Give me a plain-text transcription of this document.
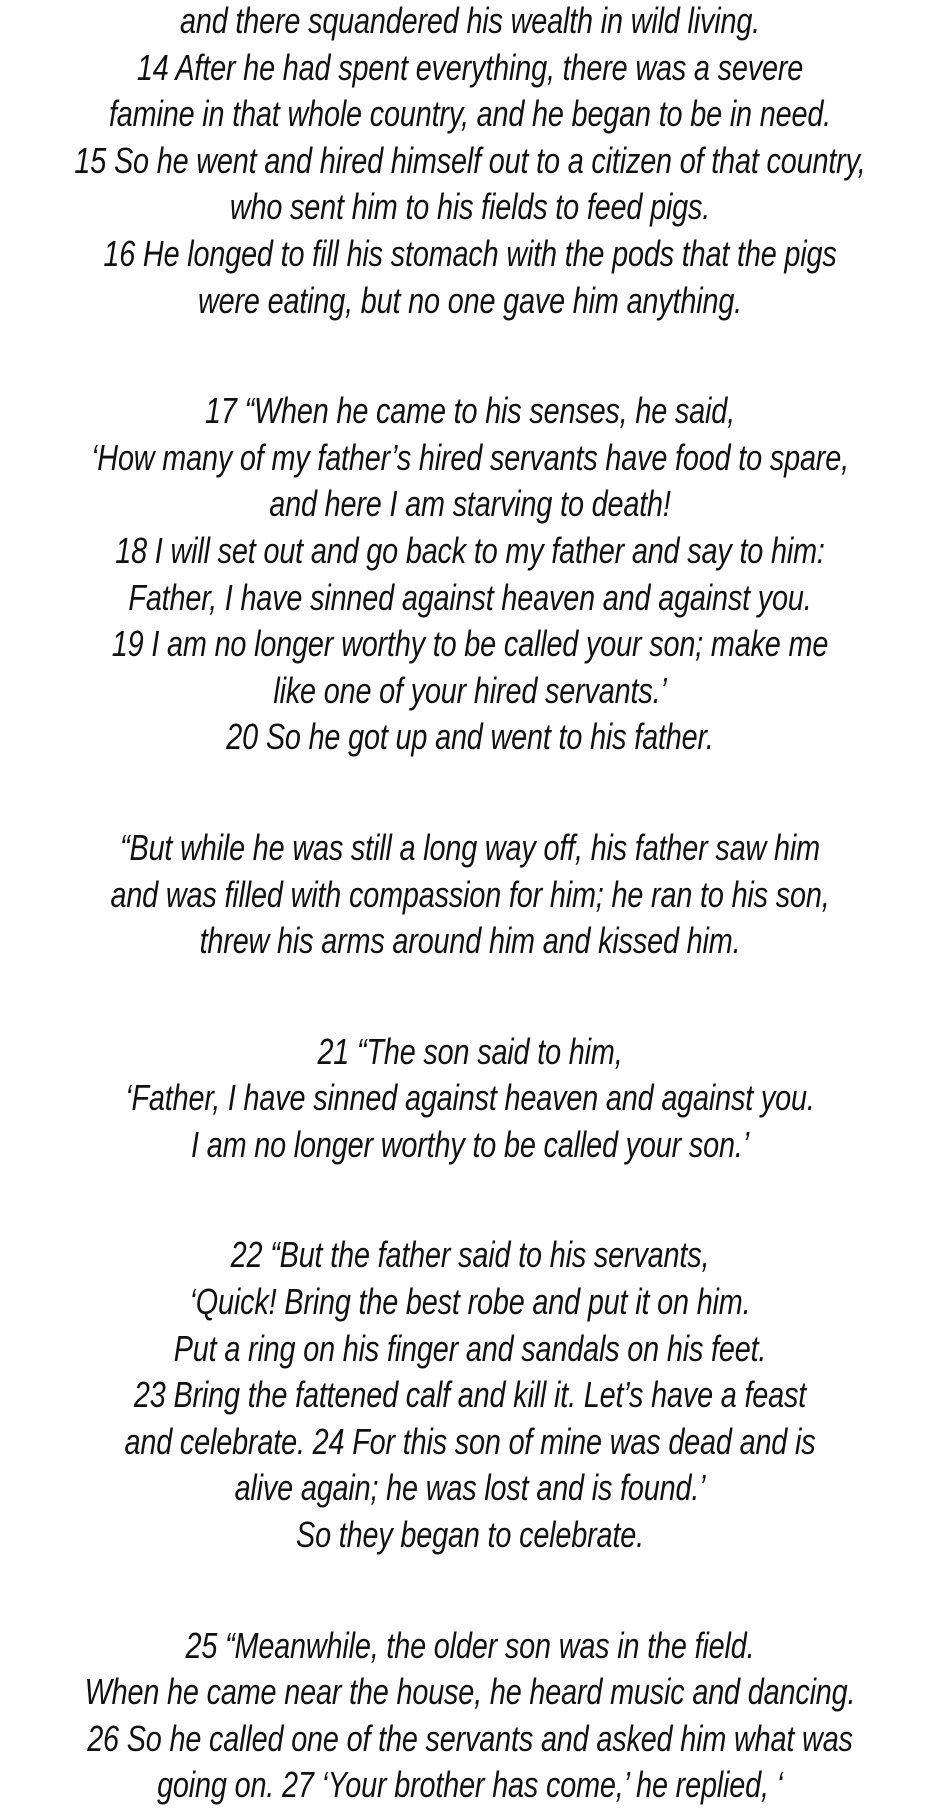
and there squandered his wealth in wild living.
14 After he had spent everything, there was a severe
famine in that whole country, and he began to be in need.
15 So he went and hired himself out to a citizen of that country,
who sent him to his fields to feed pigs.
16 He longed to fill his stomach with the pods that the pigs
were eating, but no one gave him anything.
17 “When he came to his senses, he said,
‘How many of my father’s hired servants have food to spare,
and here I am starving to death!
18 I will set out and go back to my father and say to him:
Father, I have sinned against heaven and against you.
19 I am no longer worthy to be called your son; make me
like one of your hired servants.’
20 So he got up and went to his father.
“But while he was still a long way off, his father saw him
and was filled with compassion for him; he ran to his son,
threw his arms around him and kissed him.
21 “The son said to him,
‘Father, I have sinned against heaven and against you.
I am no longer worthy to be called your son.’
22 “But the father said to his servants,
‘Quick! Bring the best robe and put it on him.
Put a ring on his finger and sandals on his feet.
23 Bring the fattened calf and kill it. Let’s have a feast
and celebrate. 24 For this son of mine was dead and is
alive again; he was lost and is found.’
So they began to celebrate.
25 “Meanwhile, the older son was in the field.
When he came near the house, he heard music and dancing.
26 So he called one of the servants and asked him what was
going on. 27 ‘Your brother has come,’ he replied, ‘
